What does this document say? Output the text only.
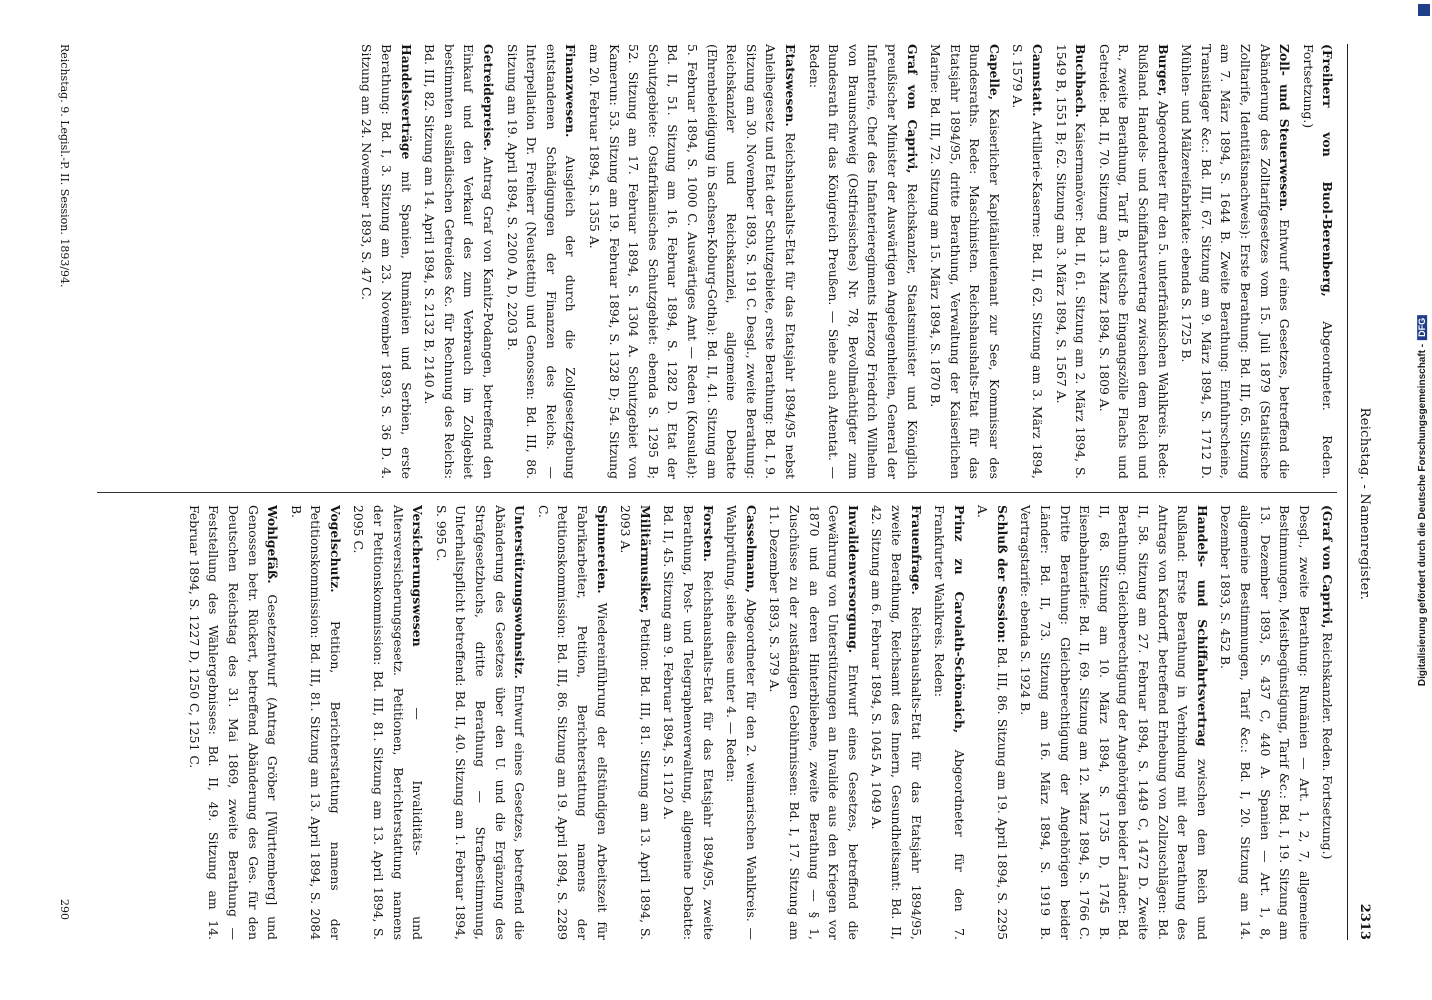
Reichstag. - Namenregister.
2313

(Freiherr von Buol-Berenberg, Abgeordneter. Reden. Fortsetzung.)

Zoll- und Steuerwesen. Entwurf eines Gesetzes, betreffend die Abänderung des Zolltarifgesetzes vom 15. Juli 1879 (Statistische Zolltarife, Identitätsnachweis): Erste Berathung: Bd. III, 65. Sitzung am 7. März 1894, S. 1644 B. Zweite Berathung: Einfuhrscheine, Transitlager &c.: Bd. III, 67. Sitzung am 9. März 1894, S. 1712 D. Mühlen- und Mälzereifabrikate: ebenda S. 1725 B.

Burger, Abgeordneter für den 5. unterfränkischen Wahlkreis. Rede: Rußland. Handels- und Schiffahrtsvertrag zwischen dem Reich und R., zweite Berathung, Tarif B, deutsche Eingangszölle Flachs und Getreide: Bd. II, 70. Sitzung am 13. März 1894, S. 1809 A.

Buchbach. Kaisermanöver: Bd. II, 61. Sitzung am 2. März 1894, S. 1549 B, 1551 B; 62. Sitzung am 3. März 1894, S. 1567 A.

Cannstatt. Artillerie-Kaserne: Bd. II, 62. Sitzung am 3. März 1894, S. 1579 A.

Capelle, Kaiserlicher Kapitänlieutenant zur See, Kommissar des Bundesraths. Rede: Maschinisten. Reichshaushalts-Etat für das Etatsjahr 1894/95, dritte Berathung, Verwaltung der Kaiserlichen Marine: Bd. III, 72. Sitzung am 15. März 1894, S. 1870 B.

Graf von Caprivi, Reichskanzler, Staatsminister und Königlich preußischer Minister der Auswärtigen Angelegenheiten, General der Infanterie, Chef des Infanterieregiments Herzog Friedrich Wilhelm von Braunschweig (Ostfriesisches) Nr. 78, Bevollmächtigter zum Bundesrath für das Königreich Preußen. — Siehe auch Attentat. — Reden:

Etatswesen. Reichshaushalts-Etat für das Etatsjahr 1894/95 nebst Anleihegesetz und Etat der Schutzgebiete, erste Berathung: Bd. I, 9. Sitzung am 30. November 1893, S. 191 C. Desgl., zweite Berathung: Reichskanzler und Reichskanzlei, allgemeine Debatte (Ehrenbeleidigung in Sachsen-Koburg-Gotha): Bd. II, 41. Sitzung am 5. Februar 1894, S. 1000 C. Auswärtiges Amt — Reden (Konsulat): Bd. II, 51. Sitzung am 16. Februar 1894, S. 1282 D. Etat der Schutzgebiete: Ostafrikanisches Schutzgebiet: ebenda S. 1295 B; 52. Sitzung am 17. Februar 1894, S. 1304 A. Schutzgebiet von Kamerun: 53. Sitzung am 19. Februar 1894, S. 1328 D; 54. Sitzung am 20. Februar 1894, S. 1355 A.

Finanzwesen. Ausgleich der durch die Zollgesetzgebung entstandenen Schädigungen der Finanzen des Reichs. — Interpellation Dr. Freiherr (Neustettin) und Genossen: Bd. III, 86. Sitzung am 19. April 1894, S. 2200 A, D, 2203 B.

Getreidepreise. Antrag Graf von Kanitz-Podangen, betreffend den Einkauf und den Verkauf des zum Verbrauch im Zollgebiet bestimmten ausländischen Getreides &c. für Rechnung des Reichs: Bd. III, 82. Sitzung am 14. April 1894, S. 2132 B, 2140 A.

Handelsverträge mit Spanien, Rumänien und Serbien, erste Berathung: Bd. I, 3. Sitzung am 23. November 1893, S. 36 D. 4. Sitzung am 24. November 1893, S. 47 C.

(Graf von Caprivi, Reichskanzler. Reden. Fortsetzung.)

Desgl., zweite Berathung: Rumänien — Art. 1, 2, 7, allgemeine Bestimmungen, Meistbegünstigung, Tarif &c.: Bd. I, 19. Sitzung am 13. Dezember 1893, S. 437 C, 440 A. Spanien — Art. 1, 8, allgemeine Bestimmungen, Tarif &c.: Bd. I, 20. Sitzung am 14. Dezember 1893, S. 452 B.

Handels- und Schiffahrtsvertrag zwischen dem Reich und Rußland: Erste Berathung in Verbindung mit der Berathung des Antrags von Kardorff, betreffend Erhebung von Zollzuschlägen: Bd. II, 58. Sitzung am 27. Februar 1894, S. 1449 C, 1472 D. Zweite Berathung: Gleichberechtigung der Angehörigen beider Länder: Bd. II, 68. Sitzung am 10. März 1894, S. 1735 D, 1745 B. Eisenbahntarife: Bd. II, 69. Sitzung am 12. März 1894, S. 1766 C. Dritte Berathung: Gleichberechtigung der Angehörigen beider Länder: Bd. II, 73. Sitzung am 16. März 1894, S. 1919 B. Vertragstarife: ebenda S. 1924 B.

Schluß der Session: Bd. III, 86. Sitzung am 19. April 1894, S. 2295 A.

Prinz zu Carolath-Schönaich, Abgeordneter für den 7. Frankfurter Wahlkreis. Reden:

Frauenfrage. Reichshaushalts-Etat für das Etatsjahr 1894/95, zweite Berathung, Reichsamt des Innern, Gesundheitsamt: Bd. II, 42. Sitzung am 6. Februar 1894, S. 1045 A, 1049 A.

Invalidenversorgung. Entwurf eines Gesetzes, betreffend die Gewährung von Unterstützungen an Invalide aus den Kriegen vor 1870 und an deren Hinterbliebene, zweite Berathung — § 1, Zuschüsse zu der zuständigen Gebührnissen: Bd. I, 17. Sitzung am 11. Dezember 1893, S. 379 A.

Casselmann, Abgeordneter für den 2. weimarischen Wahlkreis. — Wahlprüfung, siehe diese unter 4. — Reden:

Forsten. Reichshaushalts-Etat für das Etatsjahr 1894/95, zweite Berathung, Post- und Telegraphenverwaltung, allgemeine Debatte: Bd. II, 45. Sitzung am 9. Februar 1894, S. 1120 A.

Militärmusiker, Petition: Bd. III, 81. Sitzung am 13. April 1894, S. 2093 A.

Spinnereien. Wiedereinführung der elfstündigen Arbeitszeit für Fabrikarbeiter, Petition, Berichterstattung namens der Petitionskommission: Bd. III, 86. Sitzung am 19. April 1894, S. 2289 C.

Unterstützungswohnsitz. Entwurf eines Gesetzes, betreffend die Abänderung des Gesetzes über den U. und die Ergänzung des Strafgesetzbuchs, dritte Berathung — Strafbestimmung, Unterhaltspflicht betreffend: Bd. II, 40. Sitzung am 1. Februar 1894, S. 995 C.

Versicherungswesen — Invaliditäts- und Altersversicherungsgesetz. Petitionen, Berichterstattung namens der Petitionskommission: Bd. III, 81. Sitzung am 13. April 1894, S. 2095 C.

Vogelschutz. Petition, Berichterstattung namens der Petitionskommission: Bd. III, 81. Sitzung am 13. April 1894, S. 2084 B.

Wohlgefäß. Gesetzentwurf (Antrag Gröber [Württemberg] und Genossen betr. Rückert, betreffend Abänderung des Ges. für den Deutschen Reichstag des 31. Mai 1869, zweite Berathung — Feststellung des Wählergebnisses: Bd. II, 49. Sitzung am 14. Februar 1894, S. 1227 D, 1250 C, 1251 C.

Reichstag. 9. Legisl.-P. II. Session. 1893/94.
290
Digitalisierung gefördert durch die Deutsche Forschungsgemeinschaft -DFG
